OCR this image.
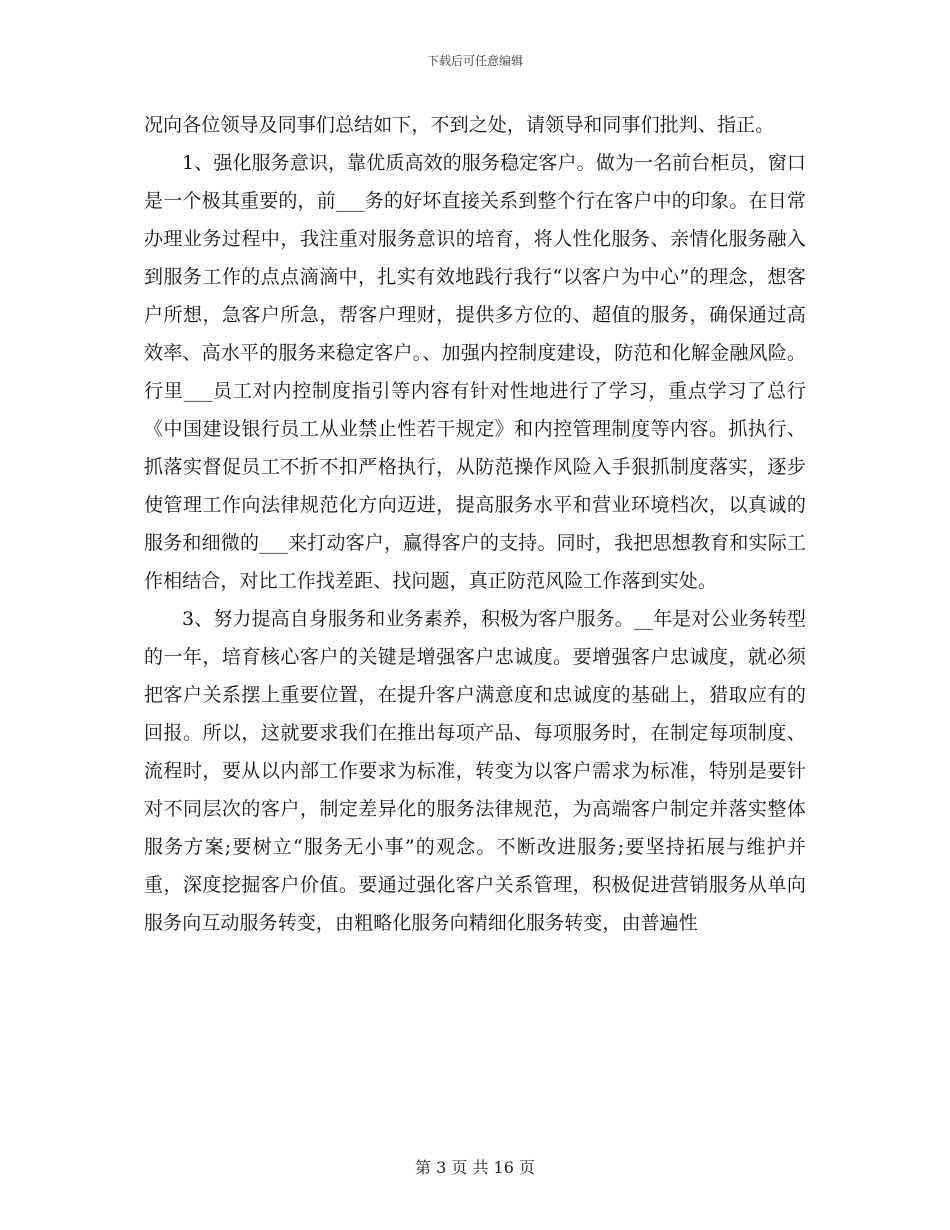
下载后可任意编辑

况向各位领导及同事们总结如下，不到之处，请领导和同事们批判、指正。

1、强化服务意识，靠优质高效的服务稳定客户。做为一名前台柜员，窗口是一个极其重要的，前___务的好坏直接关系到整个行在客户中的印象。在日常办理业务过程中，我注重对服务意识的培育，将人性化服务、亲情化服务融入到服务工作的点点滴滴中，扎实有效地践行我行“以客户为中心”的理念，想客户所想，急客户所急，帮客户理财，提供多方位的、超值的服务，确保通过高效率、高水平的服务来稳定客户。、加强内控制度建设，防范和化解金融风险。行里___员工对内控制度指引等内容有针对性地进行了学习，重点学习了总行《中国建设银行员工从业禁止性若干规定》和内控管理制度等内容。抓执行、抓落实督促员工不折不扣严格执行，从防范操作风险入手狠抓制度落实，逐步使管理工作向法律规范化方向迈进，提高服务水平和营业环境档次，以真诚的服务和细微的___来打动客户，赢得客户的支持。同时，我把思想教育和实际工作相结合，对比工作找差距、找问题，真正防范风险工作落到实处。

3、努力提高自身服务和业务素养，积极为客户服务。__年是对公业务转型的一年，培育核心客户的关键是增强客户忠诚度。要增强客户忠诚度，就必须把客户关系摆上重要位置，在提升客户满意度和忠诚度的基础上，猎取应有的回报。所以，这就要求我们在推出每项产品、每项服务时，在制定每项制度、流程时，要从以内部工作要求为标准，转变为以客户需求为标准，特别是要针对不同层次的客户，制定差异化的服务法律规范，为高端客户制定并落实整体服务方案;要树立“服务无小事”的观念。不断改进服务;要坚持拓展与维护并重，深度挖掘客户价值。要通过强化客户关系管理，积极促进营销服务从单向服务向互动服务转变，由粗略化服务向精细化服务转变，由普遍性

第 3 页 共 16 页
